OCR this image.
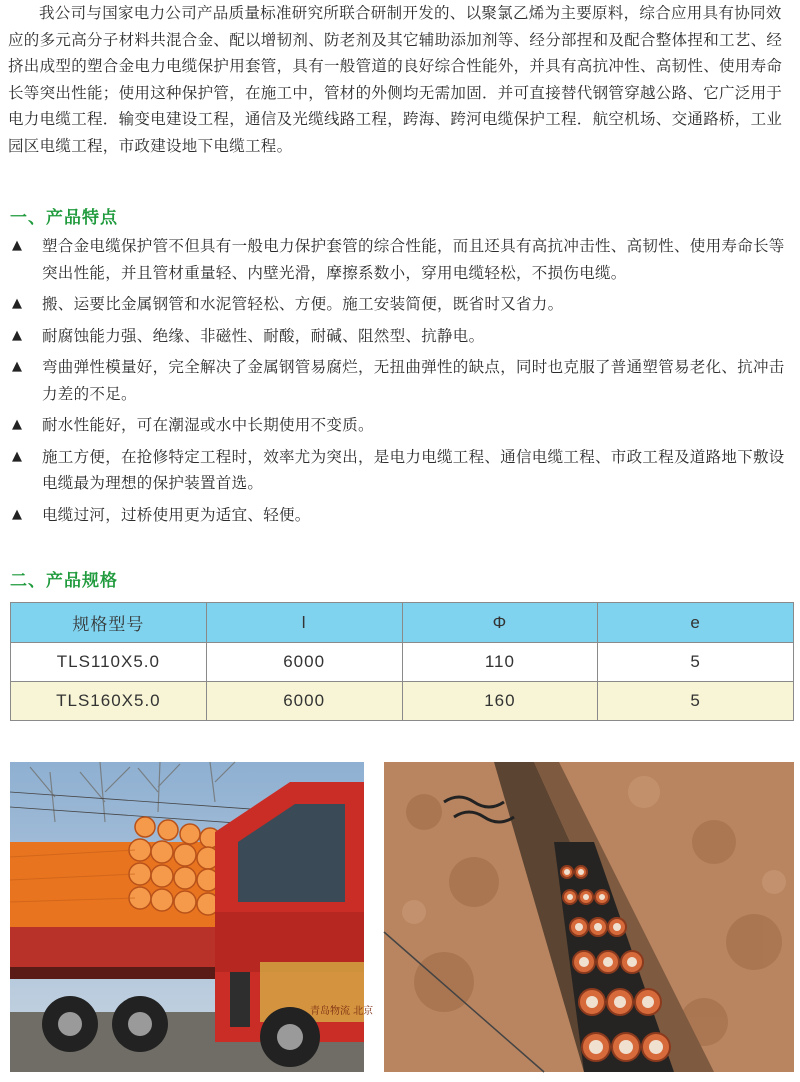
我公司与国家电力公司产品质量标准研究所联合研制开发的、以聚氯乙烯为主要原料，综合应用具有协同效应的多元高分子材料共混合金、配以增韧剂、防老剂及其它辅助添加剂等、经分部捏和及配合整体捏和工艺、经挤出成型的塑合金电力电缆保护用套管，具有一般管道的良好综合性能外，并具有高抗冲性、高韧性、使用寿命长等突出性能；使用这种保护管，在施工中，管材的外侧均无需加固．并可直接替代钢管穿越公路、它广泛用于电力电缆工程．输变电建设工程，通信及光缆线路工程，跨海、跨河电缆保护工程．航空机场、交通路桥，工业园区电缆工程，市政建设地下电缆工程。

一、产品特点
▲ 塑合金电缆保护管不但具有一般电力保护套管的综合性能，而且还具有高抗冲击性、高韧性、使用寿命长等突出性能，并且管材重量轻、内壁光滑，摩擦系数小，穿用电缆轻松，不损伤电缆。
▲ 搬、运要比金属钢管和水泥管轻松、方便。施工安装简便，既省时又省力。
▲ 耐腐蚀能力强、绝缘、非磁性、耐酸，耐碱、阻然型、抗静电。
▲ 弯曲弹性模量好，完全解决了金属钢管易腐烂，无扭曲弹性的缺点，同时也克服了普通塑管易老化、抗冲击力差的不足。
▲ 耐水性能好，可在潮湿或水中长期使用不变质。
▲ 施工方便，在抢修特定工程时，效率尤为突出，是电力电缆工程、通信电缆工程、市政工程及道路地下敷设电缆最为理想的保护装置首选。
▲ 电缆过河，过桥使用更为适宜、轻便。
二、产品规格
规格型号	l	Φ	e
TLS110X5.0	6000	110	5
TLS160X5.0	6000	160	5
青岛物流 北京
